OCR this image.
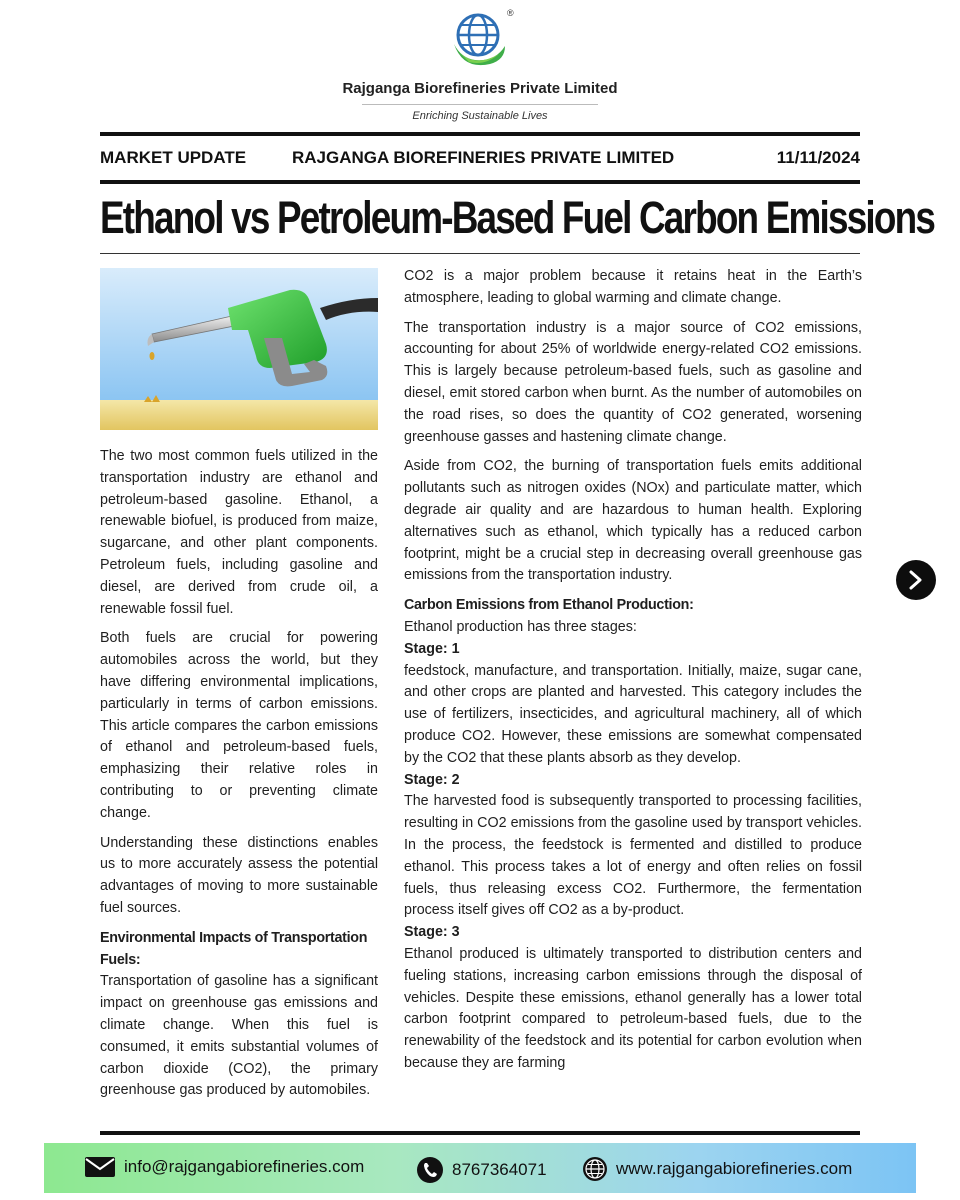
®
Rajganga Biorefineries Private Limited
Enriching Sustainable Lives
MARKET UPDATE	RAJGANGA BIOREFINERIES PRIVATE LIMITED	11/11/2024
Ethanol vs Petroleum-Based Fuel Carbon Emissions

The two most common fuels utilized in the transportation industry are ethanol and petroleum-based gasoline. Ethanol, a renewable biofuel, is produced from maize, sugarcane, and other plant components. Petroleum fuels, including gasoline and diesel, are derived from crude oil, a renewable fossil fuel.

Both fuels are crucial for powering automobiles across the world, but they have differing environmental implications, particularly in terms of carbon emissions. This article compares the carbon emissions of ethanol and petroleum-based fuels, emphasizing their relative roles in contributing to or preventing climate change.

Understanding these distinctions enables us to more accurately assess the potential advantages of moving to more sustainable fuel sources.

Environmental Impacts of Transportation Fuels:

Transportation of gasoline has a significant impact on greenhouse gas emissions and climate change. When this fuel is consumed, it emits substantial volumes of carbon dioxide (CO2), the primary greenhouse gas produced by automobiles.

CO2 is a major problem because it retains heat in the Earth’s atmosphere, leading to global warming and climate change.

The transportation industry is a major source of CO2 emissions, accounting for about 25% of worldwide energy-related CO2 emissions. This is largely because petroleum-based fuels, such as gasoline and diesel, emit stored carbon when burnt. As the number of automobiles on the road rises, so does the quantity of CO2 generated, worsening greenhouse gasses and hastening climate change.

Aside from CO2, the burning of transportation fuels emits additional pollutants such as nitrogen oxides (NOx) and particulate matter, which degrade air quality and are hazardous to human health. Exploring alternatives such as ethanol, which typically has a reduced carbon footprint, might be a crucial step in decreasing overall greenhouse gas emissions from the transportation industry.

Carbon Emissions from Ethanol Production:
Ethanol production has three stages:
Stage: 1
feedstock, manufacture, and transportation. Initially, maize, sugar cane, and other crops are planted and harvested. This category includes the use of fertilizers, insecticides, and agricultural machinery, all of which produce CO2. However, these emissions are somewhat compensated by the CO2 that these plants absorb as they develop.
Stage: 2
The harvested food is subsequently transported to processing facilities, resulting in CO2 emissions from the gasoline used by transport vehicles. In the process, the feedstock is fermented and distilled to produce ethanol. This process takes a lot of energy and often relies on fossil fuels, thus releasing excess CO2. Furthermore, the fermentation process itself gives off CO2 as a by-product.
Stage: 3
Ethanol produced is ultimately transported to distribution centers and fueling stations, increasing carbon emissions through the disposal of vehicles. Despite these emissions, ethanol generally has a lower total carbon footprint compared to petroleum-based fuels, due to the renewability of the feedstock and its potential for carbon evolution when because they are farming
info@rajgangabiorefineries.com	8767364071	www.rajgangabiorefineries.com
